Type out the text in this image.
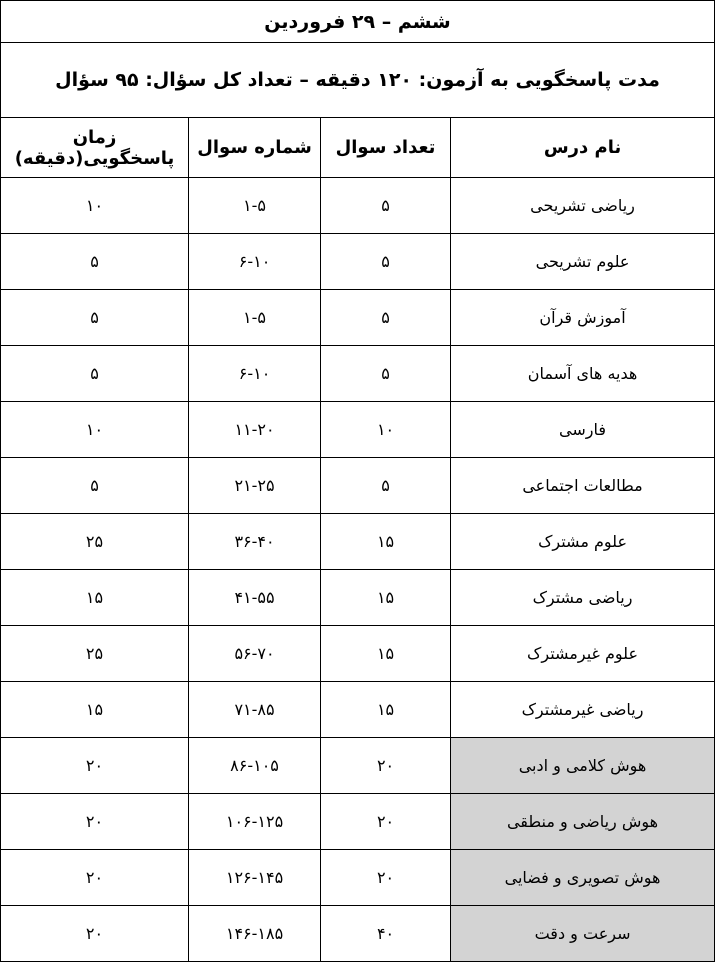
ششم – ۲۹ فروردین			
مدت پاسخگویی به آزمون: ۱۲۰ دقیقه – تعداد کل سؤال: ۹۵ سؤال			
نام درس	تعداد سوال	شماره سوال	زمان پاسخگویی(دقیقه)
ریاضی تشریحی	۵	۱-۵	۱۰
علوم تشریحی	۵	۶-۱۰	۵
آموزش قرآن	۵	۱-۵	۵
هدیه های آسمان	۵	۶-۱۰	۵
فارسی	۱۰	۱۱-۲۰	۱۰
مطالعات اجتماعی	۵	۲۱-۲۵	۵
علوم مشترک	۱۵	۳۶-۴۰	۲۵
ریاضی مشترک	۱۵	۴۱-۵۵	۱۵
علوم غیرمشترک	۱۵	۵۶-۷۰	۲۵
ریاضی غیرمشترک	۱۵	۷۱-۸۵	۱۵
هوش کلامی و ادبی	۲۰	۸۶-۱۰۵	۲۰
هوش ریاضی و منطقی	۲۰	۱۰۶-۱۲۵	۲۰
هوش تصویری و فضایی	۲۰	۱۲۶-۱۴۵	۲۰
سرعت و دقت	۴۰	۱۴۶-۱۸۵	۲۰
